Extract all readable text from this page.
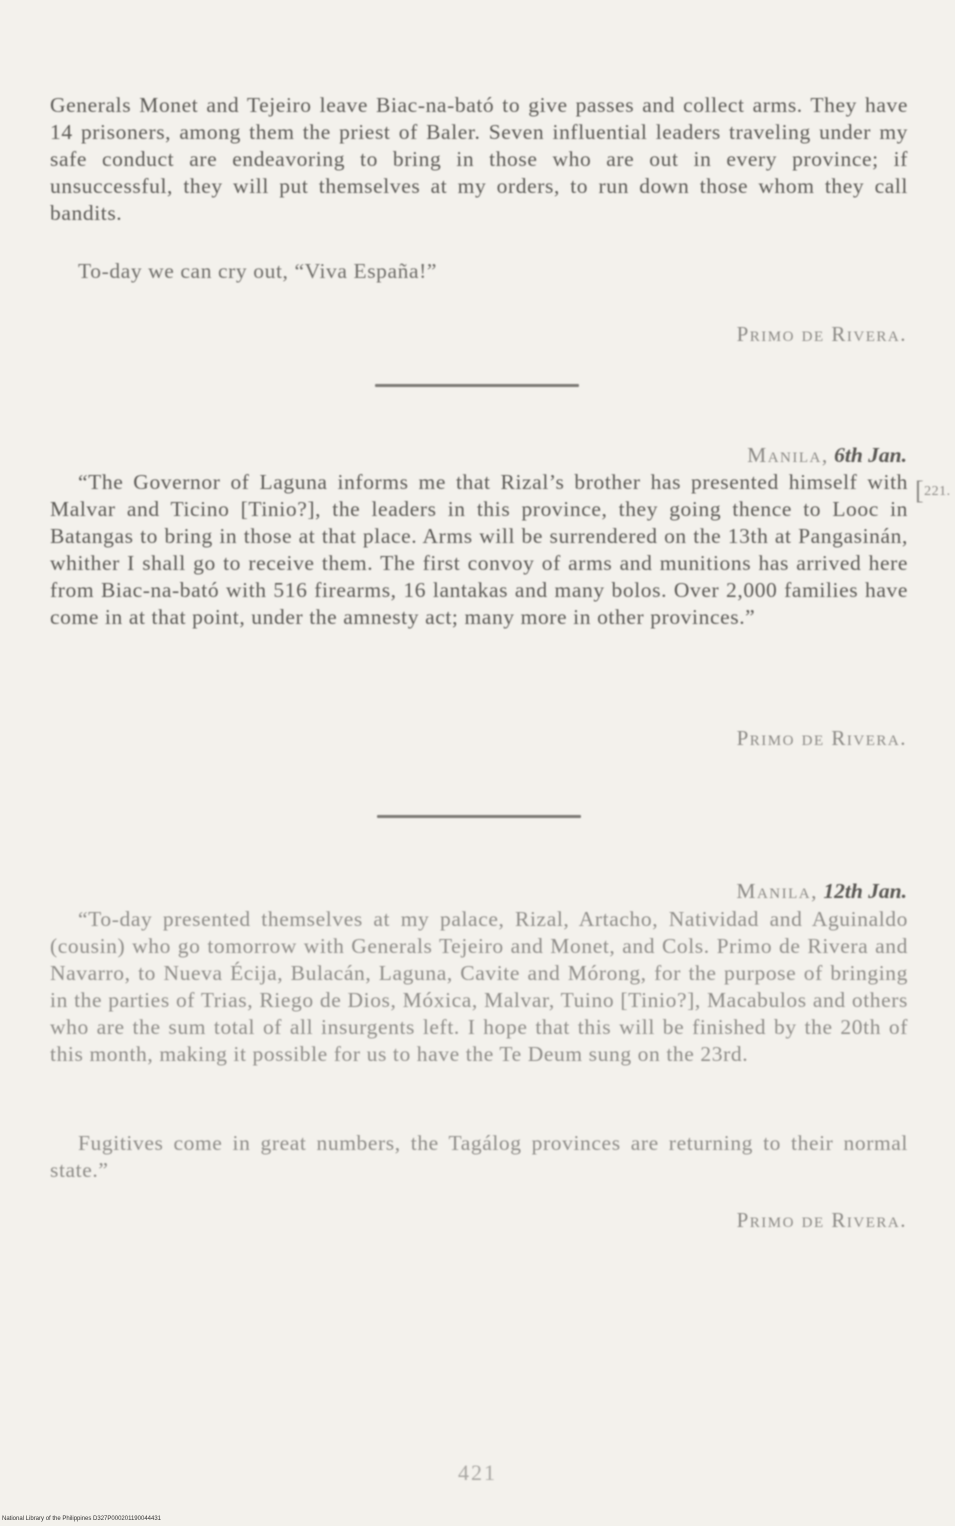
Generals Monet and Tejeiro leave Biac-na-bató to give passes and collect arms. They have 14 prisoners, among them the priest of Baler. Seven influential leaders traveling under my safe conduct are endeavoring to bring in those who are out in every province; if unsuccessful, they will put themselves at my orders, to run down those whom they call bandits.

To-day we can cry out, “Viva España!”

Primo de Rivera.
Manila, 6th Jan.

“The Governor of Laguna informs me that Rizal’s brother has presented himself with Malvar and Ticino [Tinio?], the leaders in this province, they going thence to Looc in Batangas to bring in those at that place. Arms will be surrendered on the 13th at Pangasinán, whither I shall go to receive them. The first convoy of arms and munitions has arrived here from Biac-na-bató with 516 firearms, 16 lantakas and many bolos. Over 2,000 families have come in at that point, under the amnesty act; many more in other provinces.”

[221.
Primo de Rivera.
Manila, 12th Jan.

“To-day presented themselves at my palace, Rizal, Artacho, Natividad and Aguinaldo (cousin) who go tomorrow with Generals Tejeiro and Monet, and Cols. Primo de Rivera and Navarro, to Nueva Écija, Bulacán, Laguna, Cavite and Mórong, for the purpose of bringing in the parties of Trias, Riego de Dios, Móxica, Malvar, Tuino [Tinio?], Macabulos and others who are the sum total of all insurgents left. I hope that this will be finished by the 20th of this month, making it possible for us to have the Te Deum sung on the 23rd.

Fugitives come in great numbers, the Tagálog provinces are returning to their normal state.”

Primo de Rivera.
421
National Library of the Philippines D327P000201190044431
